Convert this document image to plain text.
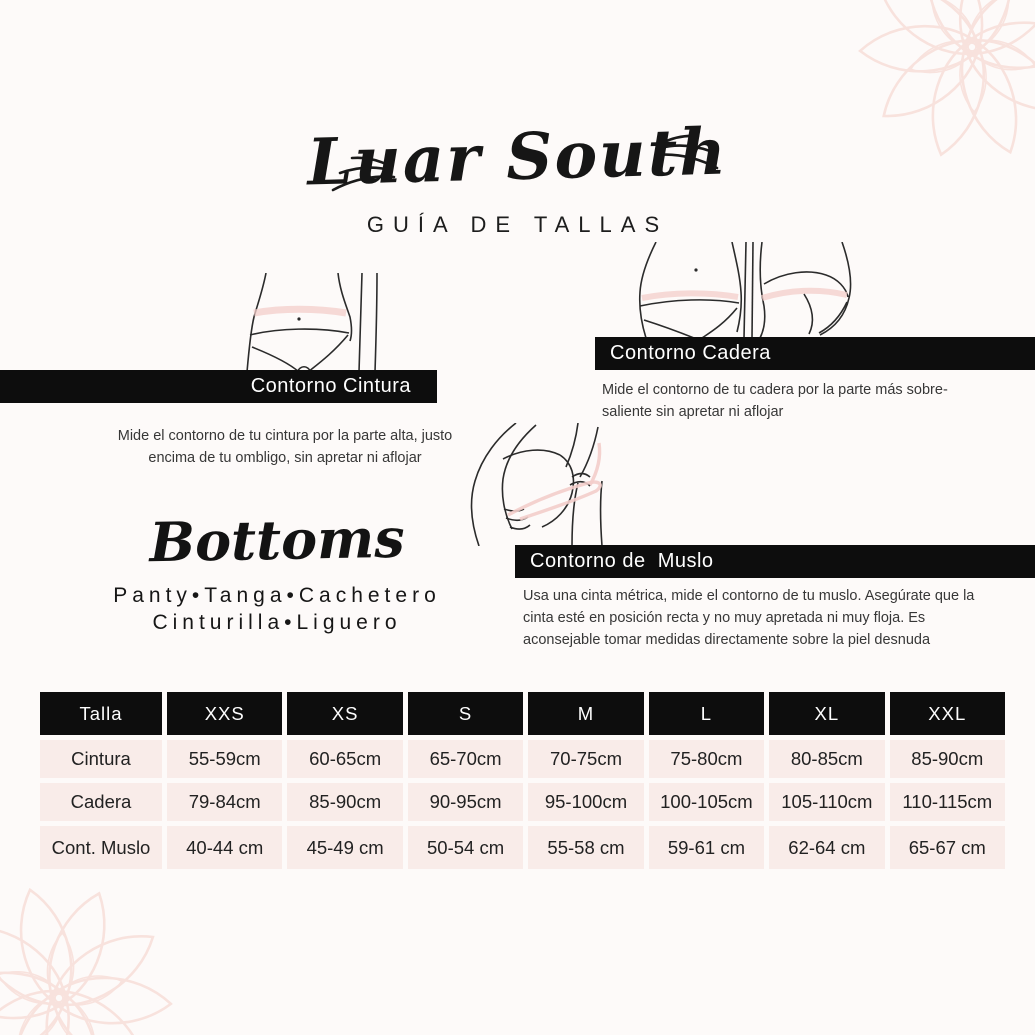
Luar South
GUÍA DE TALLAS
Contorno Cintura
Mide el contorno de tu cintura por la parte alta, justo encima de tu ombligo, sin apretar ni aflojar
Contorno Cadera
Mide el contorno de tu cadera por la parte más sobre-saliente sin apretar ni aflojar
Contorno de  Muslo
Usa una cinta métrica, mide el contorno de tu muslo. Asegúrate que la cinta esté en posición recta y no muy apretada ni muy floja. Es aconsejable tomar medidas directamente sobre la piel desnuda
Bottoms
Panty•Tanga•Cachetero
Cinturilla•Liguero
Talla	XXS	XS	S	M	L	XL	XXL
Cintura	55-59cm	60-65cm	65-70cm	70-75cm	75-80cm	80-85cm	85-90cm
Cadera	79-84cm	85-90cm	90-95cm	95-100cm	100-105cm	105-110cm	110-115cm
Cont. Muslo	40-44 cm	45-49 cm	50-54 cm	55-58 cm	59-61 cm	62-64 cm	65-67 cm
